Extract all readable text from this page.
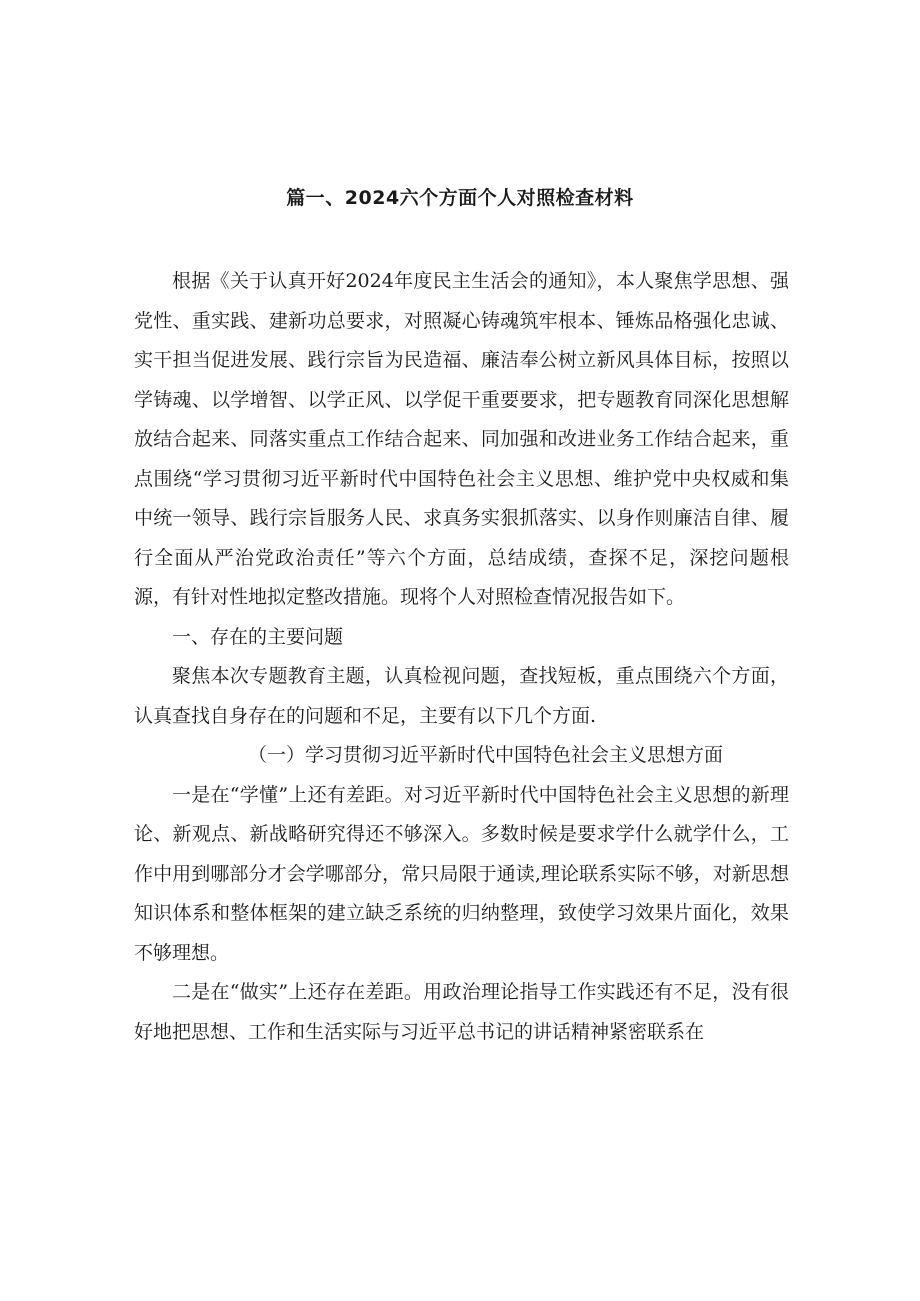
篇一、2024六个方面个人对照检查材料

根据《关于认真开好2024年度民主生活会的通知》，本人聚焦学思想、强党性、重实践、建新功总要求，对照凝心铸魂筑牢根本、锤炼品格强化忠诚、实干担当促进发展、践行宗旨为民造福、廉洁奉公树立新风具体目标，按照以学铸魂、以学增智、以学正风、以学促干重要要求，把专题教育同深化思想解放结合起来、同落实重点工作结合起来、同加强和改进业务工作结合起来，重点围绕“学习贯彻习近平新时代中国特色社会主义思想、维护党中央权威和集中统一领导、践行宗旨服务人民、求真务实狠抓落实、以身作则廉洁自律、履行全面从严治党政治责任”等六个方面，总结成绩，查探不足，深挖问题根源，有针对性地拟定整改措施。现将个人对照检查情况报告如下。

一、存在的主要问题

聚焦本次专题教育主题，认真检视问题，查找短板，重点围绕六个方面，认真查找自身存在的问题和不足，主要有以下几个方面.

（一）学习贯彻习近平新时代中国特色社会主义思想方面

一是在“学懂”上还有差距。对习近平新时代中国特色社会主义思想的新理论、新观点、新战略研究得还不够深入。多数时候是要求学什么就学什么，工作中用到哪部分才会学哪部分，常只局限于通读,理论联系实际不够，对新思想知识体系和整体框架的建立缺乏系统的归纳整理，致使学习效果片面化，效果不够理想。

二是在“做实”上还存在差距。用政治理论指导工作实践还有不足，没有很好地把思想、工作和生活实际与习近平总书记的讲话精神紧密联系在
